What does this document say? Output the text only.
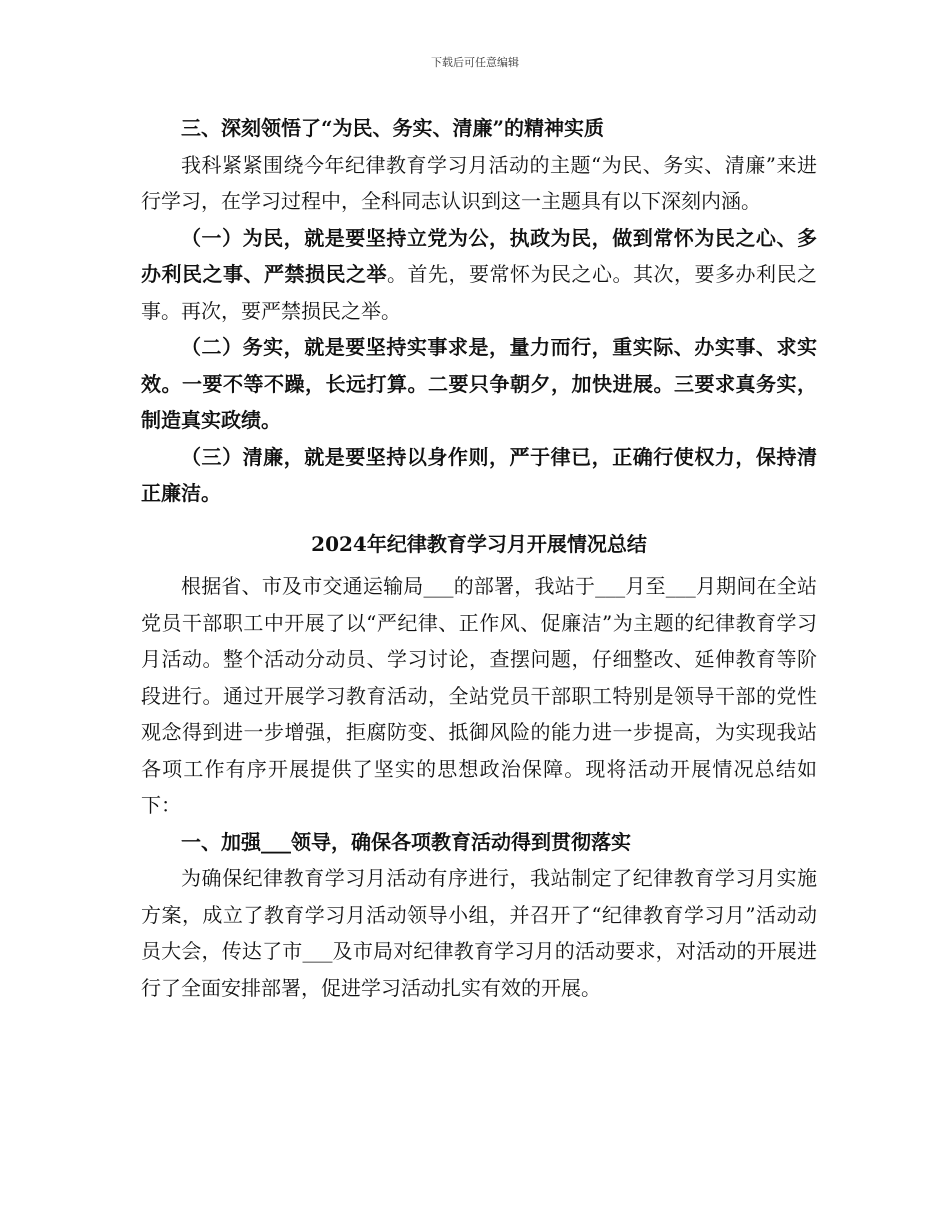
下载后可任意编辑

三、深刻领悟了“为民、务实、清廉”的精神实质

我科紧紧围绕今年纪律教育学习月活动的主题“为民、务实、清廉”来进行学习，在学习过程中，全科同志认识到这一主题具有以下深刻内涵。

（一）为民，就是要坚持立党为公，执政为民，做到常怀为民之心、多办利民之事、严禁损民之举。首先，要常怀为民之心。其次，要多办利民之事。再次，要严禁损民之举。

（二）务实，就是要坚持实事求是，量力而行，重实际、办实事、求实效。一要不等不躁，长远打算。二要只争朝夕，加快进展。三要求真务实，制造真实政绩。

（三）清廉，就是要坚持以身作则，严于律已，正确行使权力，保持清正廉洁。

2024年纪律教育学习月开展情况总结

根据省、市及市交通运输局___的部署，我站于___月至___月期间在全站党员干部职工中开展了以“严纪律、正作风、促廉洁”为主题的纪律教育学习月活动。整个活动分动员、学习讨论，查摆问题，仔细整改、延伸教育等阶段进行。通过开展学习教育活动，全站党员干部职工特别是领导干部的党性观念得到进一步增强，拒腐防变、抵御风险的能力进一步提高，为实现我站各项工作有序开展提供了坚实的思想政治保障。现将活动开展情况总结如下：

一、加强___领导，确保各项教育活动得到贯彻落实

为确保纪律教育学习月活动有序进行，我站制定了纪律教育学习月实施方案，成立了教育学习月活动领导小组，并召开了“纪律教育学习月”活动动员大会，传达了市___及市局对纪律教育学习月的活动要求，对活动的开展进行了全面安排部署，促进学习活动扎实有效的开展。
